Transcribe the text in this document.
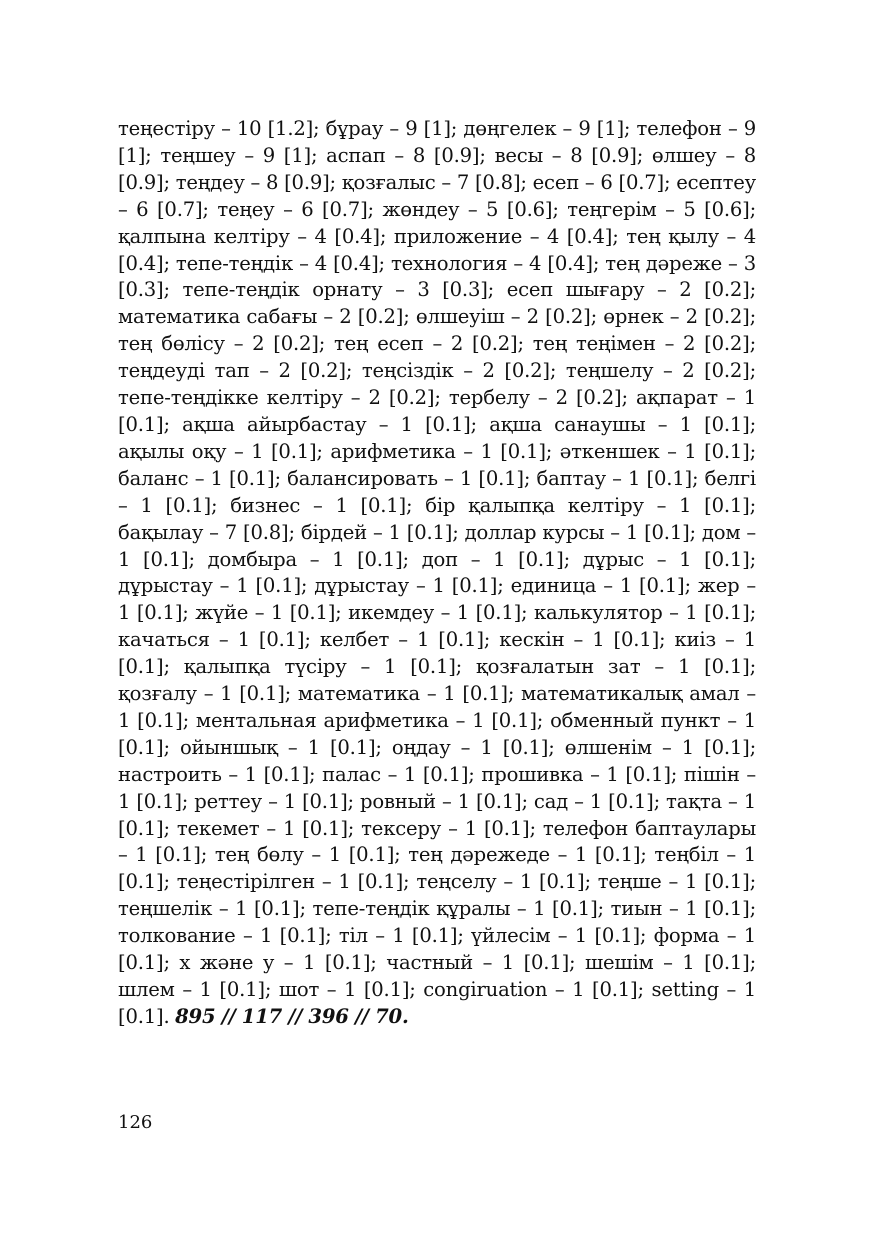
теңестіру – 10 [1.2]; бұрау – 9 [1]; дөңгелек – 9 [1]; телефон – 9 [1]; теңшеу – 9 [1]; аспап – 8 [0.9]; весы – 8 [0.9]; өлшеу – 8 [0.9]; теңдеу – 8 [0.9]; қозғалыс – 7 [0.8]; есеп – 6 [0.7]; есептеу – 6 [0.7]; теңеу – 6 [0.7]; жөндеу – 5 [0.6]; теңгерім – 5 [0.6]; қалпына келтіру – 4 [0.4]; приложение – 4 [0.4]; тең қылу – 4 [0.4]; тепе-теңдік – 4 [0.4]; технология – 4 [0.4]; тең дәреже – 3 [0.3]; тепе-теңдік орнату – 3 [0.3]; есеп шығару – 2 [0.2]; математика сабағы – 2 [0.2]; өлшеуіш – 2 [0.2]; өрнек – 2 [0.2]; тең бөлісу – 2 [0.2]; тең есеп – 2 [0.2]; тең теңімен – 2 [0.2]; теңдеуді тап – 2 [0.2]; теңсіздік – 2 [0.2]; теңшелу – 2 [0.2]; тепе-теңдікке келтіру – 2 [0.2]; тербелу – 2 [0.2]; ақпарат – 1 [0.1]; ақша айырбастау – 1 [0.1]; ақша санаушы – 1 [0.1]; ақылы оқу – 1 [0.1]; арифметика – 1 [0.1]; әткеншек – 1 [0.1]; баланс – 1 [0.1]; балансировать – 1 [0.1]; баптау – 1 [0.1]; белгі – 1 [0.1]; бизнес – 1 [0.1]; бір қалыпқа келтіру – 1 [0.1]; бақылау – 7 [0.8]; бірдей – 1 [0.1]; доллар курсы – 1 [0.1]; дом – 1 [0.1]; домбыра – 1 [0.1]; доп – 1 [0.1]; дұрыс – 1 [0.1]; дұрыстау – 1 [0.1]; дұрыстау – 1 [0.1]; единица – 1 [0.1]; жер – 1 [0.1]; жүйе – 1 [0.1]; икемдеу – 1 [0.1]; калькулятор – 1 [0.1]; качаться – 1 [0.1]; келбет – 1 [0.1]; кескін – 1 [0.1]; киіз – 1 [0.1]; қалыпқа түсіру – 1 [0.1]; қозғалатын зат – 1 [0.1]; қозғалу – 1 [0.1]; математика – 1 [0.1]; математикалық амал – 1 [0.1]; ментальная арифметика – 1 [0.1]; обменный пункт – 1 [0.1]; ойыншық – 1 [0.1]; оңдау – 1 [0.1]; өлшенім – 1 [0.1]; настроить – 1 [0.1]; палас – 1 [0.1]; прошивка – 1 [0.1]; пішін – 1 [0.1]; реттеу – 1 [0.1]; ровный – 1 [0.1]; сад – 1 [0.1]; тақта – 1 [0.1]; текемет – 1 [0.1]; тексеру – 1 [0.1]; телефон баптаулары – 1 [0.1]; тең бөлу – 1 [0.1]; тең дәрежеде – 1 [0.1]; теңбіл – 1 [0.1]; теңестірілген – 1 [0.1]; теңселу – 1 [0.1]; теңше – 1 [0.1]; теңшелік – 1 [0.1]; тепе-теңдік құралы – 1 [0.1]; тиын – 1 [0.1]; толкование – 1 [0.1]; тіл – 1 [0.1]; үйлесім – 1 [0.1]; форма – 1 [0.1]; х және у – 1 [0.1]; частный – 1 [0.1]; шешім – 1 [0.1]; шлем – 1 [0.1]; шот – 1 [0.1]; congiruation – 1 [0.1]; setting – 1 [0.1]. 895 // 117 // 396 // 70.

126
